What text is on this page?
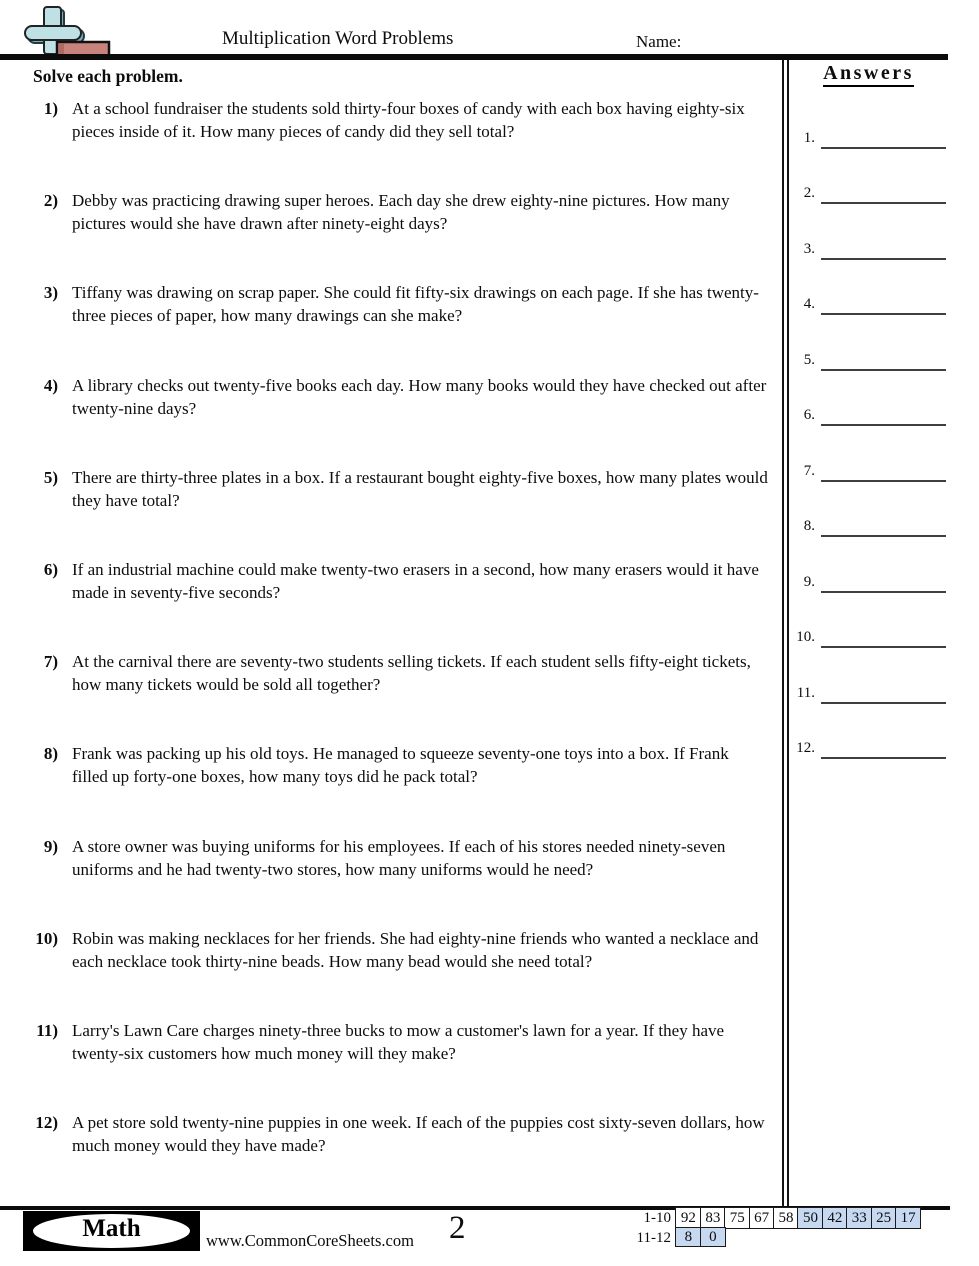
Multiplication Word Problems	Name:
Solve each problem.
1) At a school fundraiser the students sold thirty-four boxes of candy with each box having eighty-six pieces inside of it. How many pieces of candy did they sell total?
2) Debby was practicing drawing super heroes. Each day she drew eighty-nine pictures. How many pictures would she have drawn after ninety-eight days?
3) Tiffany was drawing on scrap paper. She could fit fifty-six drawings on each page. If she has twenty-three pieces of paper, how many drawings can she make?
4) A library checks out twenty-five books each day. How many books would they have checked out after twenty-nine days?
5) There are thirty-three plates in a box. If a restaurant bought eighty-five boxes, how many plates would they have total?
6) If an industrial machine could make twenty-two erasers in a second, how many erasers would it have made in seventy-five seconds?
7) At the carnival there are seventy-two students selling tickets. If each student sells fifty-eight tickets, how many tickets would be sold all together?
8) Frank was packing up his old toys. He managed to squeeze seventy-one toys into a box. If Frank filled up forty-one boxes, how many toys did he pack total?
9) A store owner was buying uniforms for his employees. If each of his stores needed ninety-seven uniforms and he had twenty-two stores, how many uniforms would he need?
10) Robin was making necklaces for her friends. She had eighty-nine friends who wanted a necklace and each necklace took thirty-nine beads. How many bead would she need total?
11) Larry's Lawn Care charges ninety-three bucks to mow a customer's lawn for a year. If they have twenty-six customers how much money will they make?
12) A pet store sold twenty-nine puppies in one week. If each of the puppies cost sixty-seven dollars, how much money would they have made?
Answers
1.
2.
3.
4.
5.
6.
7.
8.
9.
10.
11.
12.
Math	www.CommonCoreSheets.com 2	1-10 92 83 75 67 58 50 42 33 25 17
11-12 8	0
